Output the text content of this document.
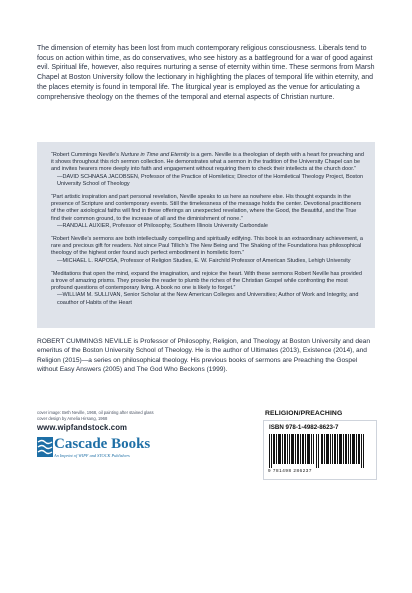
The dimension of eternity has been lost from much contemporary religious consciousness. Liberals tend to focus on action within time, as do conservatives, who see history as a battleground for a war of good against evil. Spiritual life, however, also requires nurturing a sense of eternity within time. These sermons from Marsh Chapel at Boston University follow the lectionary in highlighting the places of temporal life within eternity, and the places eternity is found in temporal life. The liturgical year is employed as the venue for articulating a comprehensive theology on the themes of the temporal and eternal aspects of Christian nurture.
“Robert Cummings Neville’s Nurture in Time and Eternity is a gem. Neville is a theologian of depth with a heart for preaching and it shows throughout this rich sermon collection. He demonstrates what a sermon in the tradition of the University Chapel can be and invites hearers more deeply into faith and engagement without requiring them to check their intellects at the church door.”
—DAVID SCHNASA JACOBSEN, Professor of the Practice of Homiletics; Director of the Homiletical Theology Project, Boston University School of Theology
“Part artistic inspiration and part personal revelation, Neville speaks to us here as nowhere else. His thought expands in the presence of Scripture and contemporary events. Still the timelessness of the message holds the center. Devotional practitioners of the other axiological faiths will find in these offerings an unexpected revelation, where the Good, the Beautiful, and the True find their common ground, to the increase of all and the diminishment of none.”
—RANDALL AUXIER, Professor of Philosophy, Southern Illinois University Carbondale
“Robert Neville’s sermons are both intellectually compelling and spiritually edifying. This book is an extraordinary achievement, a rare and precious gift for readers. Not since Paul Tillich’s The New Being and The Shaking of the Foundations has philosophical theology of the highest order found such perfect embodiment in homiletic form.”
—MICHAEL L. RAPOSA, Professor of Religion Studies, E. W. Fairchild Professor of American Studies, Lehigh University
“Meditations that open the mind, expand the imagination, and rejoice the heart. With these sermons Robert Neville has provided a trove of amazing prisms. They provoke the reader to plumb the riches of the Christian Gospel while confronting the most profound questions of contemporary living. A book no one is likely to forget.”
—WILLIAM M. SULLIVAN, Senior Scholar at the New American Colleges and Universities; Author of Work and Integrity, and coauthor of Habits of the Heart
ROBERT CUMMINGS NEVILLE is Professor of Philosophy, Religion, and Theology at Boston University and dean emeritus of the Boston University School of Theology. He is the author of Ultimates (2013), Existence (2014), and Religion (2015)—a series on philosophical theology. His previous books of sermons are Preaching the Gospel without Easy Answers (2005) and The God Who Beckons (1999).
cover image: Beth Neville, 1968, oil painting after stained glass
cover design by Amelia Hirsang, 1968
www.wipfandstock.com
Cascade Books
An Imprint of WIPF and STOCK Publishers
RELIGION/PREACHING
ISBN 978-1-4982-8623-7
9 781498 286237
